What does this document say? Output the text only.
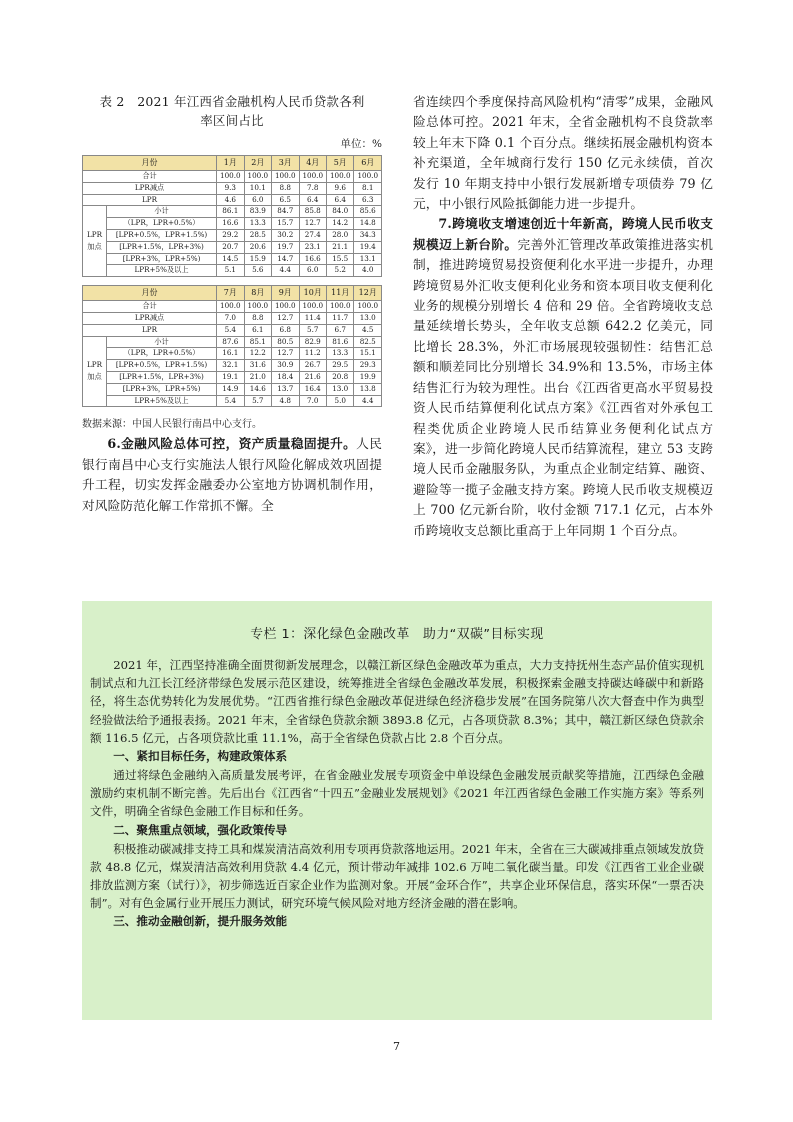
表 2　2021 年江西省金融机构人民币贷款各利
率区间占比
单位：%
月份		1月	2月	3月	4月	5月	6月
合计		100.0	100.0	100.0	100.0	100.0	100.0
LPR减点		9.3	10.1	8.8	7.8	9.6	8.1
LPR		4.6	6.0	6.5	6.4	6.4	6.3
LPR加点	小计	86.1	83.9	84.7	85.8	84.0	85.6
	（LPR，LPR+0.5%）	16.6	13.3	15.7	12.7	14.2	14.8
	[LPR+0.5%，LPR+1.5%)	29.2	28.5	30.2	27.4	28.0	34.3
	[LPR+1.5%，LPR+3%)	20.7	20.6	19.7	23.1	21.1	19.4
	[LPR+3%，LPR+5%)	14.5	15.9	14.7	16.6	15.5	13.1
	LPR+5%及以上	5.1	5.6	4.4	6.0	5.2	4.0
月份		7月	8月	9月	10月	11月	12月
合计		100.0	100.0	100.0	100.0	100.0	100.0
LPR减点		7.0	8.8	12.7	11.4	11.7	13.0
LPR		5.4	6.1	6.8	5.7	6.7	4.5
LPR加点	小计	87.6	85.1	80.5	82.9	81.6	82.5
	（LPR，LPR+0.5%）	16.1	12.2	12.7	11.2	13.3	15.1
	[LPR+0.5%，LPR+1.5%)	32.1	31.6	30.9	26.7	29.5	29.3
	[LPR+1.5%，LPR+3%)	19.1	21.0	18.4	21.6	20.8	19.9
	[LPR+3%，LPR+5%)	14.9	14.6	13.7	16.4	13.0	13.8
	LPR+5%及以上	5.4	5.7	4.8	7.0	5.0	4.4
数据来源：中国人民银行南昌中心支行。
6.金融风险总体可控，资产质量稳固提升。人民银行南昌中心支行实施法人银行风险化解成效巩固提升工程，切实发挥金融委办公室地方协调机制作用，对风险防范化解工作常抓不懈。全
省连续四个季度保持高风险机构“清零”成果，金融风险总体可控。2021 年末，全省金融机构不良贷款率较上年末下降 0.1 个百分点。继续拓展金融机构资本补充渠道，全年城商行发行 150 亿元永续债，首次发行 10 年期支持中小银行发展新增专项债券 79 亿元，中小银行风险抵御能力进一步提升。
7.跨境收支增速创近十年新高，跨境人民币收支规模迈上新台阶。完善外汇管理改革政策推进落实机制，推进跨境贸易投资便利化水平进一步提升，办理跨境贸易外汇收支便利化业务和资本项目收支便利化业务的规模分别增长 4 倍和 29 倍。全省跨境收支总量延续增长势头，全年收支总额 642.2 亿美元，同比增长 28.3%，外汇市场展现较强韧性：结售汇总额和顺差同比分别增长 34.9%和 13.5%，市场主体结售汇行为较为理性。出台《江西省更高水平贸易投资人民币结算便利化试点方案》《江西省对外承包工程类优质企业跨境人民币结算业务便利化试点方案》，进一步简化跨境人民币结算流程，建立 53 支跨境人民币金融服务队，为重点企业制定结算、融资、避险等一揽子金融支持方案。跨境人民币收支规模迈上 700 亿元新台阶，收付金额 717.1 亿元，占本外币跨境收支总额比重高于上年同期 1 个百分点。
专栏 1：深化绿色金融改革　助力“双碳”目标实现
2021 年，江西坚持准确全面贯彻新发展理念，以赣江新区绿色金融改革为重点，大力支持抚州生态产品价值实现机制试点和九江长江经济带绿色发展示范区建设，统筹推进全省绿色金融改革发展，积极探索金融支持碳达峰碳中和新路径，将生态优势转化为发展优势。“江西省推行绿色金融改革促进绿色经济稳步发展”在国务院第八次大督查中作为典型经验做法给予通报表扬。2021 年末，全省绿色贷款余额 3893.8 亿元，占各项贷款 8.3%；其中，赣江新区绿色贷款余额 116.5 亿元，占各项贷款比重 11.1%，高于全省绿色贷款占比 2.8 个百分点。
一、紧扣目标任务，构建政策体系
通过将绿色金融纳入高质量发展考评，在省金融业发展专项资金中单设绿色金融发展贡献奖等措施，江西绿色金融激励约束机制不断完善。先后出台《江西省“十四五”金融业发展规划》《2021 年江西省绿色金融工作实施方案》等系列文件，明确全省绿色金融工作目标和任务。
二、聚焦重点领域，强化政策传导
积极推动碳减排支持工具和煤炭清洁高效利用专项再贷款落地运用。2021 年末，全省在三大碳减排重点领域发放贷款 48.8 亿元，煤炭清洁高效利用贷款 4.4 亿元，预计带动年减排 102.6 万吨二氧化碳当量。印发《江西省工业企业碳排放监测方案（试行）》，初步筛选近百家企业作为监测对象。开展“金环合作”，共享企业环保信息，落实环保“一票否决制”。对有色金属行业开展压力测试，研究环境气候风险对地方经济金融的潜在影响。
三、推动金融创新，提升服务效能
7
